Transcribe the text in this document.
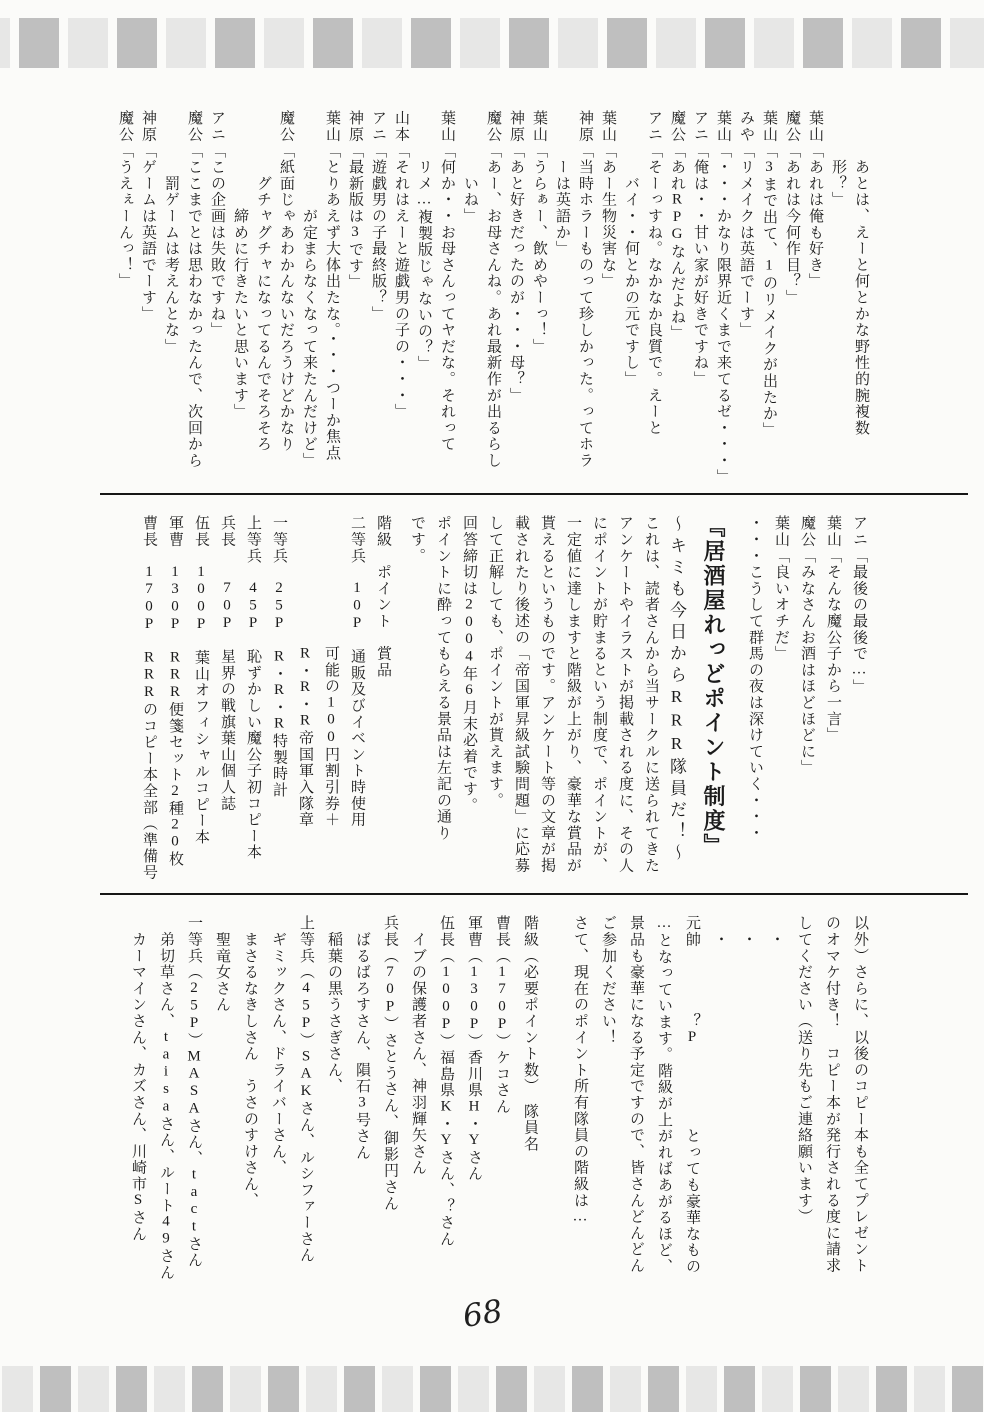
　　　あとは、えーと何とかな野性的腕複数
　　　形？」
葉山「あれは俺も好き」
魔公「あれは今何作目？」
葉山「3まで出て、1のリメイクが出たか」
みや「リメイクは英語でーす」
葉山「・・・かなり限界近くまで来てるゼ・・・」
アニ「俺は・・甘い家が好きですね」
魔公「あれRPGなんだよね」
アニ「そーっすね。なかなか良質で。えーと
　　　　バイ・・何とかの元ですし」
葉山「あー生物災害な」
神原「当時ホラーものって珍しかった。ってホラ
　　　ーは英語か」
葉山「うらぁー、飲めやーっ！」
神原「あと好きだったのが・・・母？」
魔公「あー、お母さんね。あれ最新作が出るらし
　　　　いね」
葉山「何か・・お母さんってヤだな。それって
　　　リメ…複製版じゃないの？」
山本「それはえーと遊戯男の子の・・・」
アニ「遊戯男の子最終版？」
神原「最新版は3です」
葉山「とりあえず大体出たな。・・・つーか焦点
　　　　　　が定まらなくなって来たんだけど」
魔公「紙面じゃあわかんないだろうけどかなり
　　　　グチャグチャになってるんでそろそろ
　　　　　　締めに行きたいと思います」
アニ「この企画は失敗ですね」
魔公「ここまでとは思わなかったんで、次回から
　　　　罰ゲームは考えんとな」
神原「ゲームは英語でーす」
魔公「うえぇーんっ！」
アニ「最後の最後で…」
葉山「そんな魔公子から一言」
魔公「みなさんお酒はほどほどに」
葉山「良いオチだ」
・・・こうして群馬の夜は深けていく・・・
『居酒屋れっどポイント制度』
～キミも今日からRRR隊員だ！～
これは、読者さんから当サークルに送られてきた
アンケートやイラストが掲載される度に、その人
にポイントが貯まるという制度で、ポイントが、
一定値に達しますと階級が上がり、豪華な賞品が
貰えるというものです。アンケート等の文章が掲
載されたり後述の「帝国軍昇級試験問題」に応募
して正解しても、ポイントが貰えます。
回答締切は2004年6月末必着です。
ポイントに酔ってもらえる景品は左記の通り
です。
階級　ポイント　賞品
二等兵　10P　通販及びイベント時使用
　　　　　　　　可能の100円割引券＋
　　　　　　　　R・R・R帝国軍入隊章
一等兵　25P　R・R・R特製時計
上等兵　45P　恥ずかしい魔公子初コピー本
兵長　　70P　星界の戦旗葉山個人誌
伍長　100P　葉山オフィシャルコピー本
軍曹　130P　RRR便箋セット2種20枚
曹長　170P　RRRのコピー本全部（準備号
以外）さらに、以後のコピー本も全てプレゼント
のオマケ付き！　コピー本が発行される度に請求
してください（送り先もご連絡願います）
　・
　・
　・
元帥　　　　？P　　　　　とっても豪華なもの
…となっています。階級が上がればあがるほど、
景品も豪華になる予定ですので、皆さんどんどん
ご参加ください！
さて、現在のポイント所有隊員の階級は…
階級（必要ポイント数）　隊員名
曹長（170P）ケコさん
軍曹（130P）香川県H・Yさん
伍長（100P）福島県K・Yさん、？さん
　イブの保護者さん、神羽輝矢さん
兵長（70P）さとうさん、御影円さん
　ばるばろすさん、隕石3号さん
　稲葉の黒うさぎさん、
上等兵（45P）SAKさん、ルシファーさん
　ギミックさん、ドライバーさん、
　まさるなきしさん　うさのすけさん、
　聖竜女さん
一等兵（25P）MASAさん、tactさん
　弟切草さん、taisaさん、ルート49さん
　カーマインさん、カズさん、川崎市Sさん
68
